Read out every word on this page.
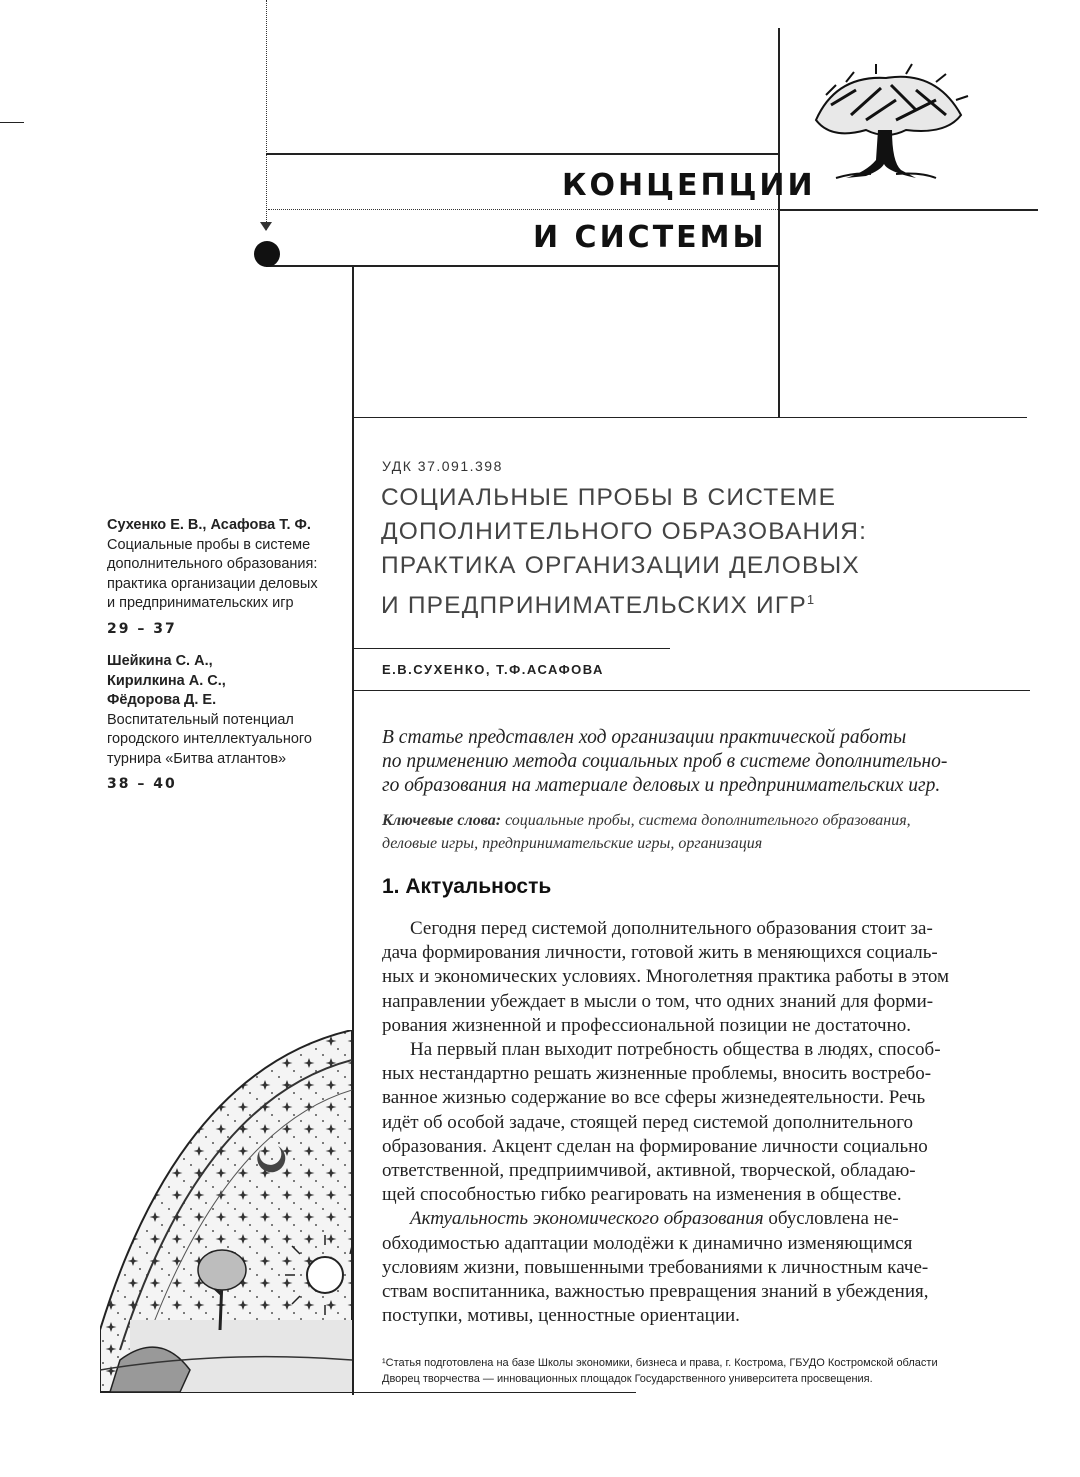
КОНЦЕПЦИИ
И СИСТЕМЫ
УДК 37.091.398
СОЦИАЛЬНЫЕ ПРОБЫ В СИСТЕМЕ
ДОПОЛНИТЕЛЬНОГО ОБРАЗОВАНИЯ:
ПРАКТИКА ОРГАНИЗАЦИИ ДЕЛОВЫХ
И ПРЕДПРИНИМАТЕЛЬСКИХ ИГР$^1$
Е.В.СУХЕНКО, Т.Ф.АСАФОВА
В статье представлен ход организации практической работы
по применению метода социальных проб в системе дополнительно-
го образования на материале деловых и предпринимательских игр.
Ключевые слова: социальные пробы, система дополнительного образования,
деловые игры, предпринимательские игры, организация
1. Актуальность

Сегодня перед системой дополнительного образования стоит за-
дача формирования личности, готовой жить в меняющихся социаль-
ных и экономических условиях. Многолетняя практика работы в этом
направлении убеждает в мысли о том, что одних знаний для форми-
рования жизненной и профессиональной позиции не достаточно.

На первый план выходит потребность общества в людях, способ-
ных нестандартно решать жизненные проблемы, вносить востребо-
ванное жизнью содержание во все сферы жизнедеятельности. Речь
идёт об особой задаче, стоящей перед системой дополнительного
образования. Акцент сделан на формирование личности социально
ответственной, предприимчивой, активной, творческой, обладаю-
щей способностью гибко реагировать на изменения в обществе.

Актуальность экономического образования обусловлена не-
обходимостью адаптации молодёжи к динамично изменяющимся
условиям жизни, повышенными требованиями к личностным каче-
ствам воспитанника, важностью превращения знаний в убеждения,
поступки, мотивы, ценностные ориентации.

¹Статья подготовлена на базе Школы экономики, бизнеса и права, г. Кострома, ГБУДО Костромской области
Дворец творчества — инновационных площадок Государственного университета просвещения.
Сухенко Е. В., Асафова Т. Ф.
Социальные пробы в системе
дополнительного образования:
практика организации деловых
и предпринимательских игр
29 – 37
Шейкина С. А.,
Кирилкина А. С.,
Фёдорова Д. Е.
Воспитательный потенциал
городского интеллектуального
турнира «Битва атлантов»
38 – 40
